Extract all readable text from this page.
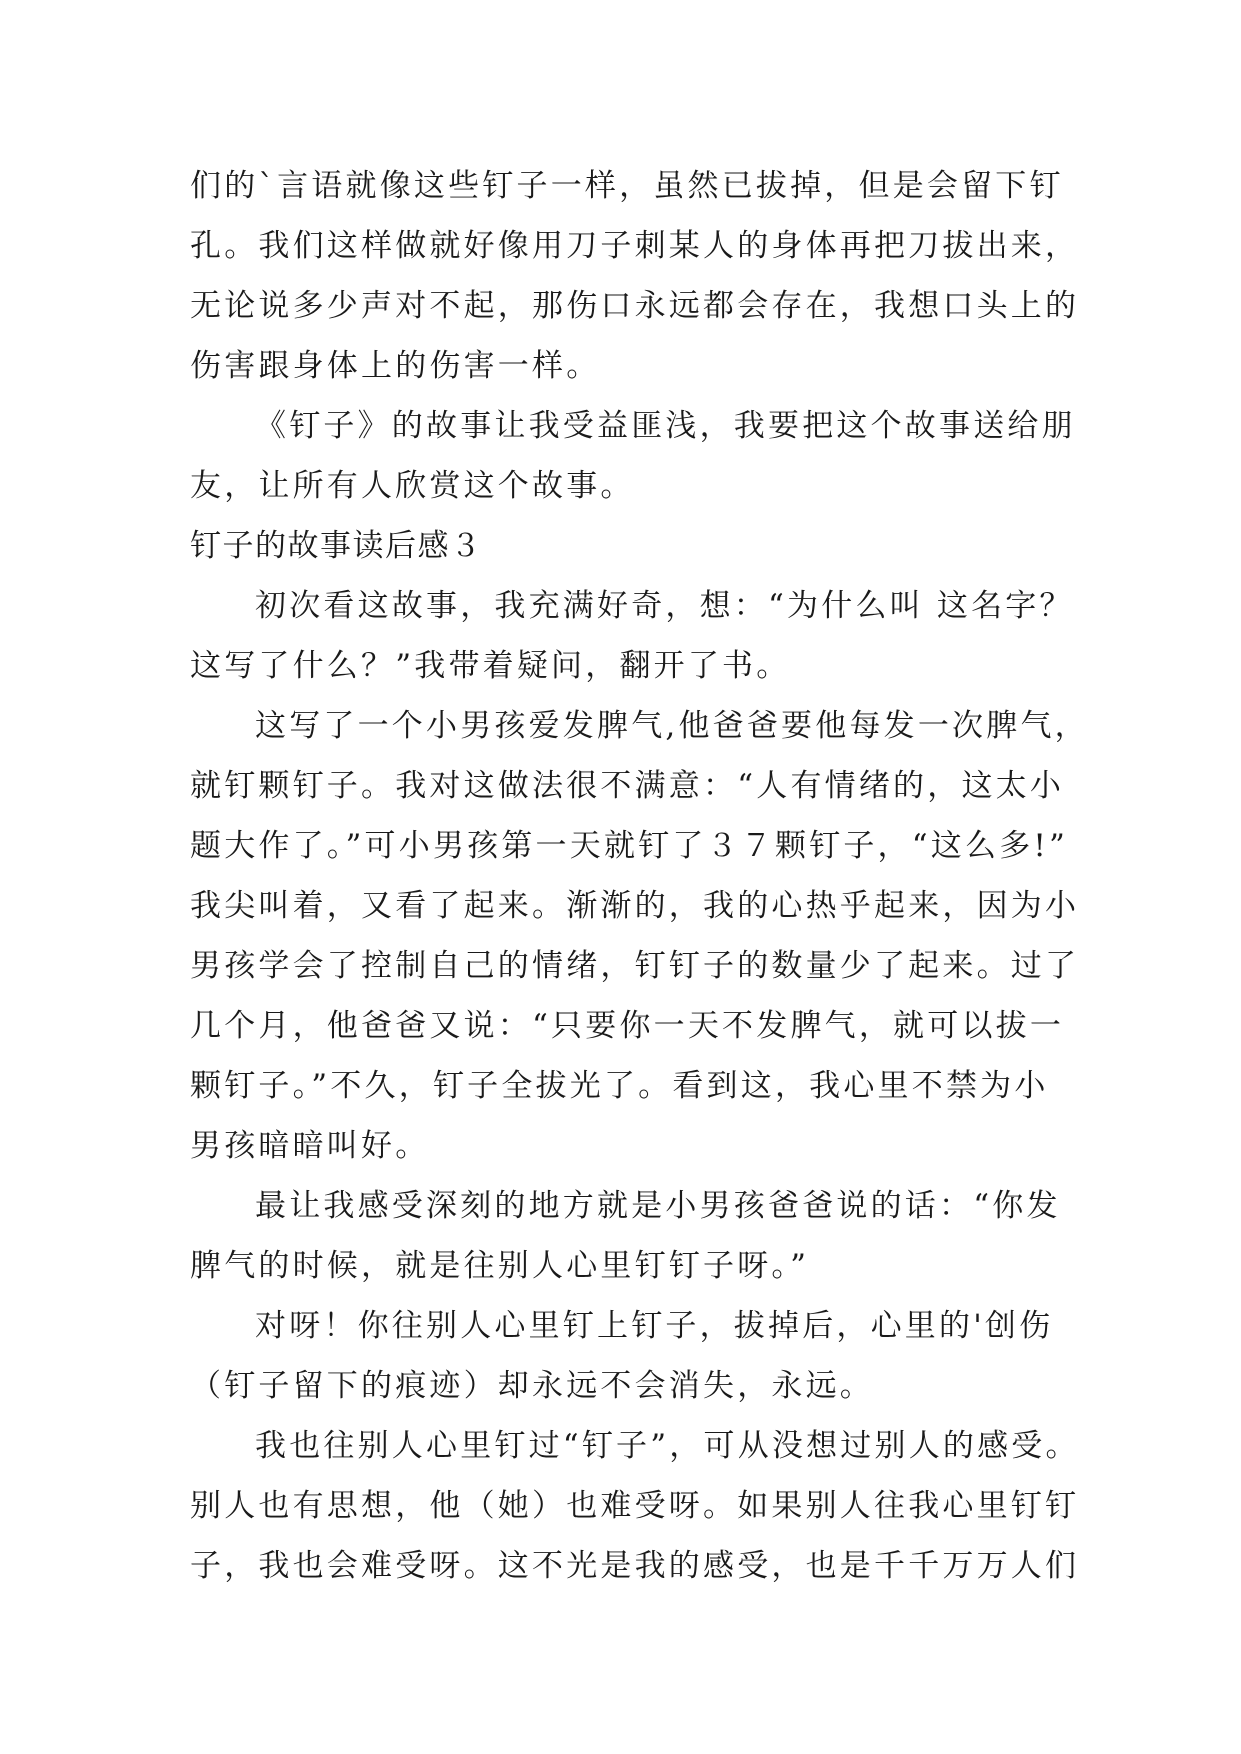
们的`言语就像这些钉子一样，虽然已拔掉，但是会留下钉
孔。我们这样做就好像用刀子刺某人的身体再把刀拔出来，
无论说多少声对不起，那伤口永远都会存在，我想口头上的
伤害跟身体上的伤害一样。
《钉子》的故事让我受益匪浅，我要把这个故事送给朋
友，让所有人欣赏这个故事。
钉子的故事读后感３
初次看这故事，我充满好奇，想：“为什么叫 这名字？
这写了什么？”我带着疑问，翻开了书。
这写了一个小男孩爱发脾气,他爸爸要他每发一次脾气，
就钉颗钉子。我对这做法很不满意：“人有情绪的，这太小
题大作了。”可小男孩第一天就钉了３７颗钉子，“这么多!”
我尖叫着，又看了起来。渐渐的，我的心热乎起来，因为小
男孩学会了控制自己的情绪，钉钉子的数量少了起来。过了
几个月，他爸爸又说：“只要你一天不发脾气，就可以拔一
颗钉子。”不久，钉子全拔光了。看到这，我心里不禁为小
男孩暗暗叫好。
最让我感受深刻的地方就是小男孩爸爸说的话：“你发
脾气的时候，就是往别人心里钉钉子呀。”
对呀！你往别人心里钉上钉子，拔掉后，心里的'创伤
（钉子留下的痕迹）却永远不会消失，永远。
我也往别人心里钉过“钉子”，可从没想过别人的感受。
别人也有思想，他（她）也难受呀。如果别人往我心里钉钉
子，我也会难受呀。这不光是我的感受，也是千千万万人们
